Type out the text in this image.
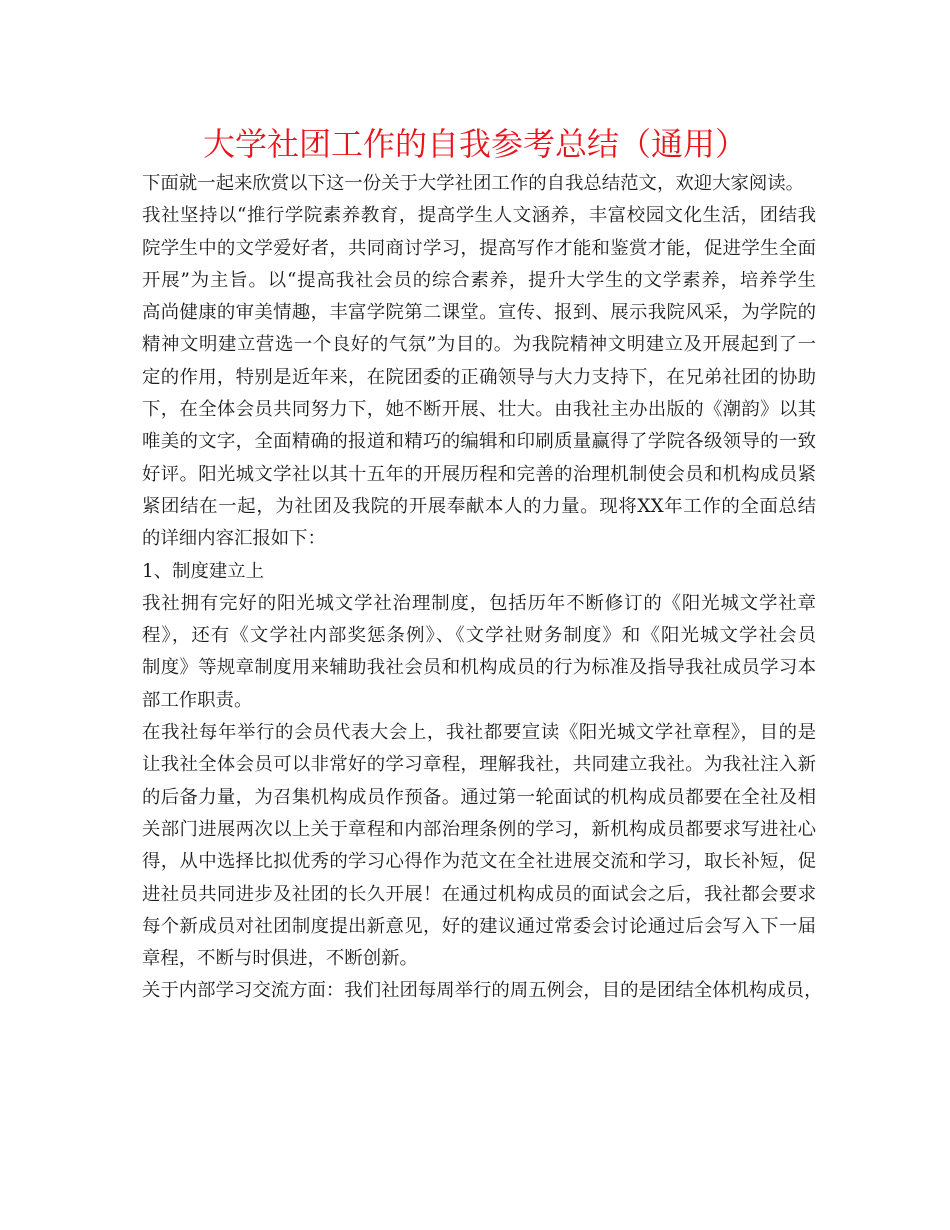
大学社团工作的自我参考总结（通用）
下面就一起来欣赏以下这一份关于大学社团工作的自我总结范文，欢迎大家阅读。
我社坚持以“推行学院素养教育，提高学生人文涵养，丰富校园文化生活，团结我
院学生中的文学爱好者，共同商讨学习，提高写作才能和鉴赏才能，促进学生全面
开展”为主旨。以“提高我社会员的综合素养，提升大学生的文学素养，培养学生
高尚健康的审美情趣，丰富学院第二课堂。宣传、报到、展示我院风采，为学院的
精神文明建立营选一个良好的气氛”为目的。为我院精神文明建立及开展起到了一
定的作用，特别是近年来，在院团委的正确领导与大力支持下，在兄弟社团的协助
下，在全体会员共同努力下，她不断开展、壮大。由我社主办出版的《潮韵》以其
唯美的文字，全面精确的报道和精巧的编辑和印刷质量赢得了学院各级领导的一致
好评。阳光城文学社以其十五年的开展历程和完善的治理机制使会员和机构成员紧
紧团结在一起，为社团及我院的开展奉献本人的力量。现将XX年工作的全面总结
的详细内容汇报如下：
1、制度建立上
我社拥有完好的阳光城文学社治理制度，包括历年不断修订的《阳光城文学社章
程》，还有《文学社内部奖惩条例》、《文学社财务制度》和《阳光城文学社会员
制度》等规章制度用来辅助我社会员和机构成员的行为标准及指导我社成员学习本
部工作职责。
在我社每年举行的会员代表大会上，我社都要宣读《阳光城文学社章程》，目的是
让我社全体会员可以非常好的学习章程，理解我社，共同建立我社。为我社注入新
的后备力量，为召集机构成员作预备。通过第一轮面试的机构成员都要在全社及相
关部门进展两次以上关于章程和内部治理条例的学习，新机构成员都要求写进社心
得，从中选择比拟优秀的学习心得作为范文在全社进展交流和学习，取长补短，促
进社员共同进步及社团的长久开展！在通过机构成员的面试会之后，我社都会要求
每个新成员对社团制度提出新意见，好的建议通过常委会讨论通过后会写入下一届
章程，不断与时俱进，不断创新。
关于内部学习交流方面：我们社团每周举行的周五例会，目的是团结全体机构成员，
